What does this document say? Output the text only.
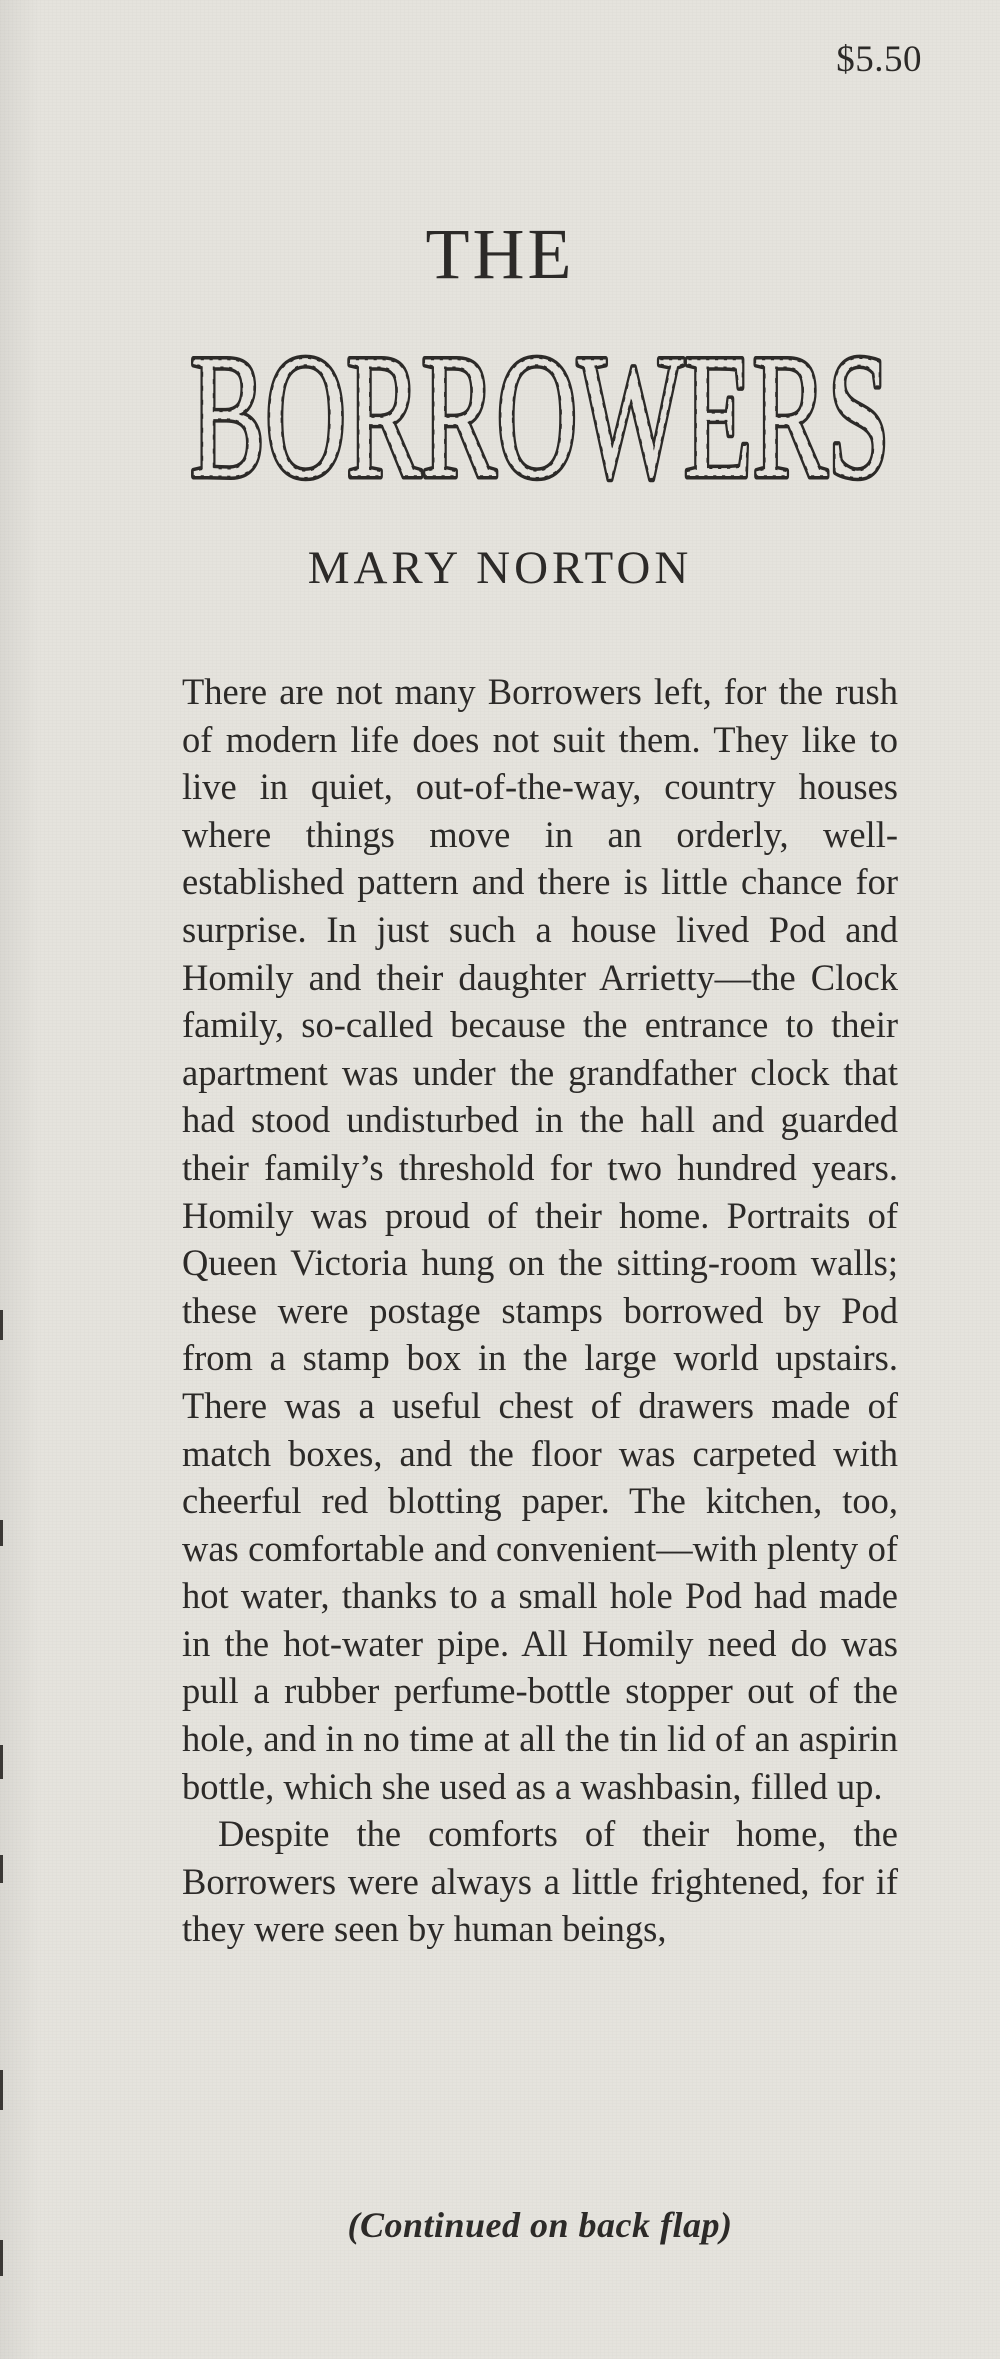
$5.50
THE
BORROWERS
BORROWERS
BORROWERS
MARY NORTON

There are not many Borrowers left, for the rush of modern life does not suit them. They like to live in quiet, out-of-the-way, country houses where things move in an orderly, well-established pattern and there is little chance for surprise. In just such a house lived Pod and Homily and their daughter Arrietty—the Clock family, so-called because the entrance to their apartment was under the grandfather clock that had stood undisturbed in the hall and guarded their family’s threshold for two hundred years. Homily was proud of their home. Portraits of Queen Victoria hung on the sitting-room walls; these were postage stamps borrowed by Pod from a stamp box in the large world upstairs. There was a useful chest of drawers made of match boxes, and the floor was carpeted with cheerful red blotting paper. The kitchen, too, was comfortable and convenient—with plenty of hot water, thanks to a small hole Pod had made in the hot-water pipe. All Homily need do was pull a rubber perfume-bottle stopper out of the hole, and in no time at all the tin lid of an aspirin bottle, which she used as a washbasin, filled up.

Despite the comforts of their home, the Borrowers were always a little frightened, for if they were seen by human beings,

(Continued on back flap)
